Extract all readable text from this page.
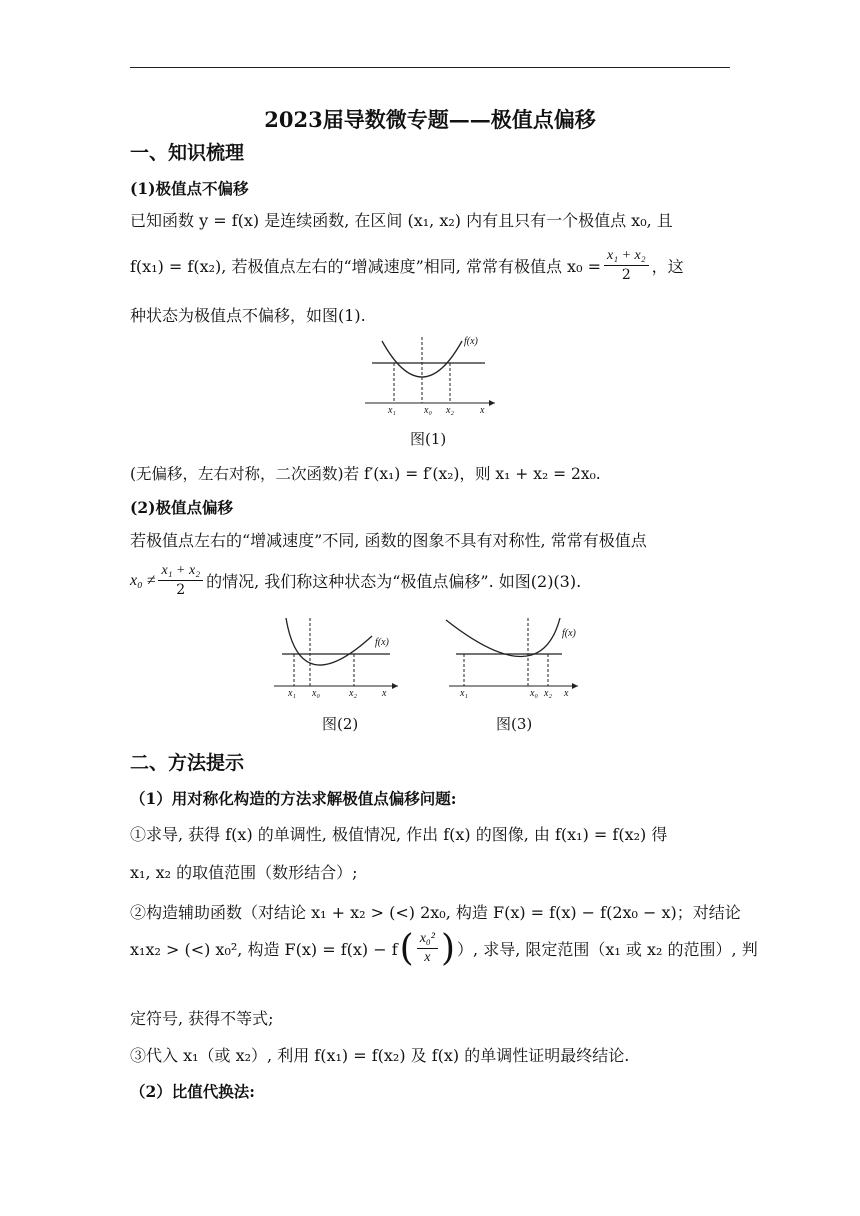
2023届导数微专题——极值点偏移
一、知识梳理
(1)极值点不偏移
已知函数 y = f(x) 是连续函数, 在区间 (x₁, x₂) 内有且只有一个极值点 x₀, 且
f(x₁) = f(x₂), 若极值点左右的“增减速度”相同, 常常有极值点 $x_0 = \frac{\text{x₁ + x₂}}{2}$ ，这
种状态为极值点不偏移，如图(1).
f(x)
x₁	x₀ x₂	x
图(1)
(无偏移，左右对称，二次函数)若 f′(x₁) = f′(x₂)，则 x₁ + x₂ = 2x₀.
(2)极值点偏移
若极值点左右的“增减速度”不同, 函数的图象不具有对称性, 常常有极值点
$x_0 \ne \frac{\text{x₁ + x₂}}{2}$ 的情况, 我们称这种状态为“极值点偏移”. 如图(2)(3).
f(x)
x₁ x₀	x₂	x
图(2)
f(x)
x₁	x₀ x₂ x
图(3)
二、方法提示
（1）用对称化构造的方法求解极值点偏移问题:
①求导, 获得 f(x) 的单调性, 极值情况, 作出 f(x) 的图像, 由 f(x₁) = f(x₂) 得
x₁, x₂ 的取值范围（数形结合）;
②构造辅助函数（对结论 x₁ + x₂ > (<) 2x₀, 构造 F(x) = f(x) − f(2x₀ − x)；对结论
x₁x₂ > (<) x₀², 构造 F(x) = f(x) − f ( $\frac{\text{x₀²}}{x}$ ) ）, 求导, 限定范围（x₁ 或 x₂ 的范围）, 判
定符号, 获得不等式;
③代入 x₁（或 x₂）, 利用 f(x₁) = f(x₂) 及 f(x) 的单调性证明最终结论.
（2）比值代换法:
